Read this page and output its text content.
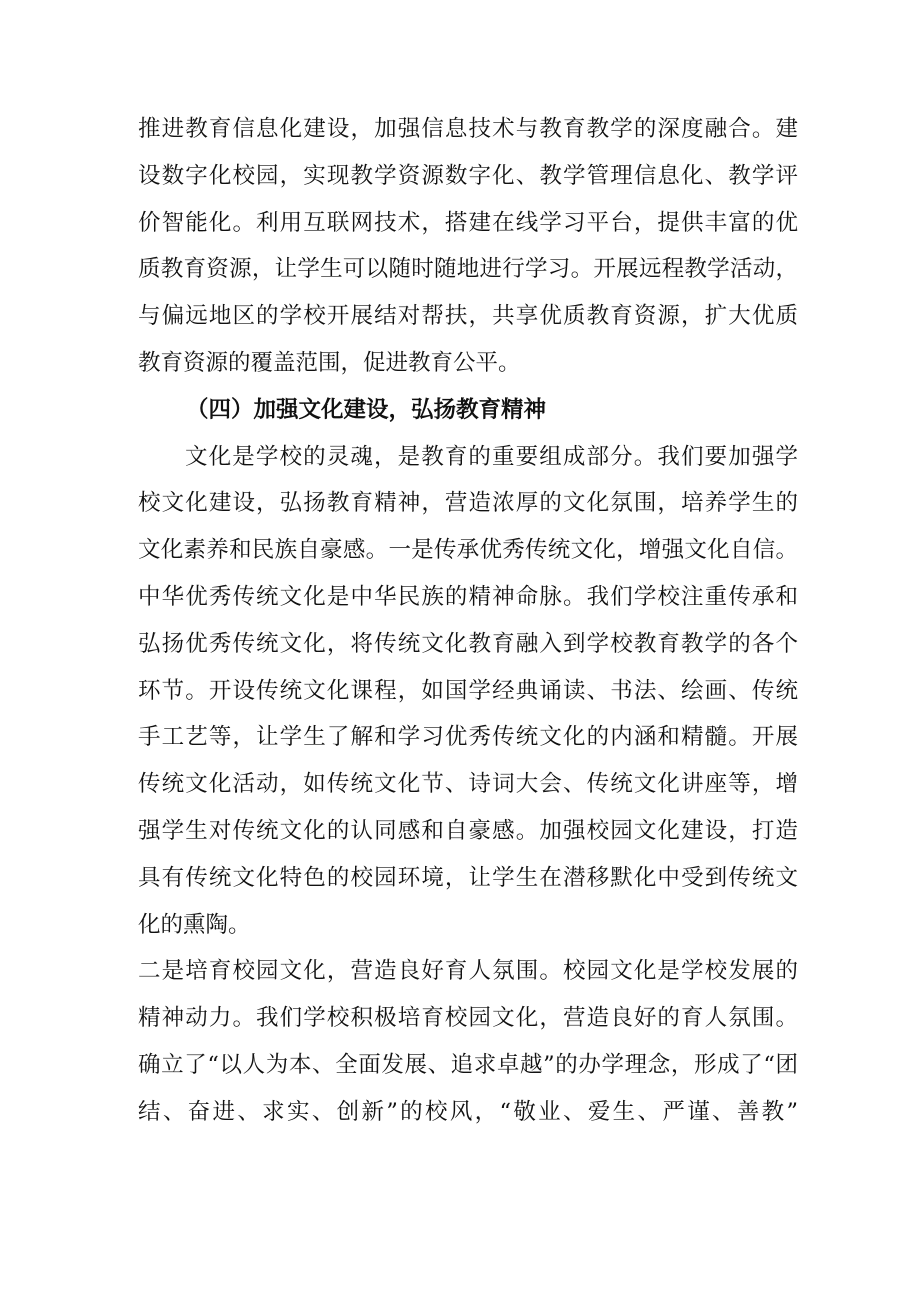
推进教育信息化建设，加强信息技术与教育教学的深度融合。建
设数字化校园，实现教学资源数字化、教学管理信息化、教学评
价智能化。利用互联网技术，搭建在线学习平台，提供丰富的优
质教育资源，让学生可以随时随地进行学习。开展远程教学活动，
与偏远地区的学校开展结对帮扶，共享优质教育资源，扩大优质
教育资源的覆盖范围，促进教育公平。
（四）加强文化建设，弘扬教育精神
文化是学校的灵魂，是教育的重要组成部分。我们要加强学
校文化建设，弘扬教育精神，营造浓厚的文化氛围，培养学生的
文化素养和民族自豪感。一是传承优秀传统文化，增强文化自信。
中华优秀传统文化是中华民族的精神命脉。我们学校注重传承和
弘扬优秀传统文化，将传统文化教育融入到学校教育教学的各个
环节。开设传统文化课程，如国学经典诵读、书法、绘画、传统
手工艺等，让学生了解和学习优秀传统文化的内涵和精髓。开展
传统文化活动，如传统文化节、诗词大会、传统文化讲座等，增
强学生对传统文化的认同感和自豪感。加强校园文化建设，打造
具有传统文化特色的校园环境，让学生在潜移默化中受到传统文
化的熏陶。
二是培育校园文化，营造良好育人氛围。校园文化是学校发展的
精神动力。我们学校积极培育校园文化，营造良好的育人氛围。
确立了“以人为本、全面发展、追求卓越”的办学理念，形成了“团
结、奋进、求实、创新”的校风，“敬业、爱生、严谨、善教”
